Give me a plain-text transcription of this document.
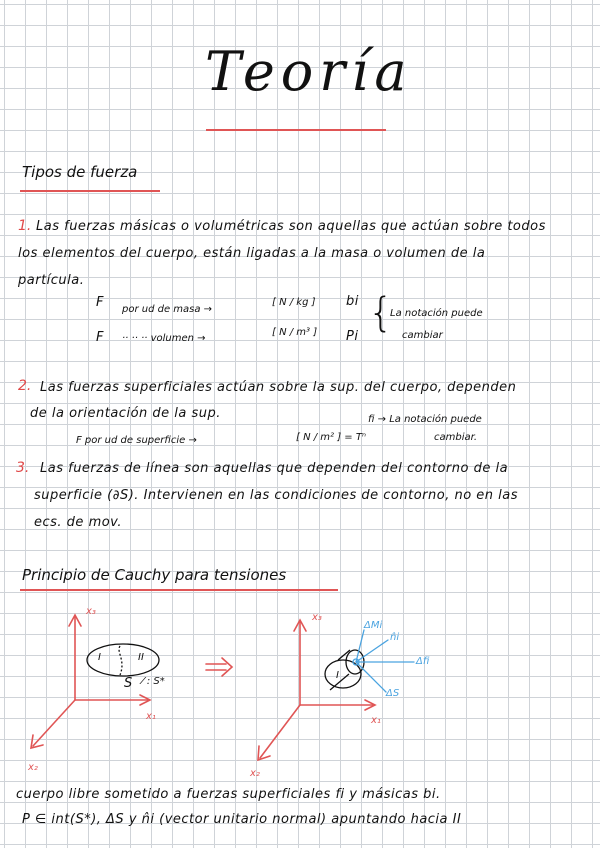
Teoría
Tipos de fuerza
1. Las fuerzas másicas o volumétricas son aquellas que actúan sobre todos
los elementos del cuerpo, están ligadas a la masa o volumen de la
partícula.
F por ud de masa →
[ N / kg ] bi
F ·· ·· ·· volumen →
[ N / m³ ] Pi
{
La notación puede
cambiar
2. Las fuerzas superficiales actúan sobre la sup. del cuerpo, dependen
de la orientación de la sup.
F por ud de superficie →	[ N / m² ] = Tⁿ
fi → La notación puede
cambiar.
3. Las fuerzas de línea son aquellas que dependen del contorno de la
superficie (∂S). Intervienen en las condiciones de contorno, no en las
ecs. de mov.
Principio de Cauchy para tensiones
x₃
x₁
x₂
I	II
S ⁄ : S*
x₃
x₁
x₂
ΔMi
n̂i
Δfi
ΔS
I
cuerpo libre sometido a fuerzas superficiales fi y másicas bi.
P ∈ int(S*), ΔS y n̂i (vector unitario normal) apuntando hacia II
